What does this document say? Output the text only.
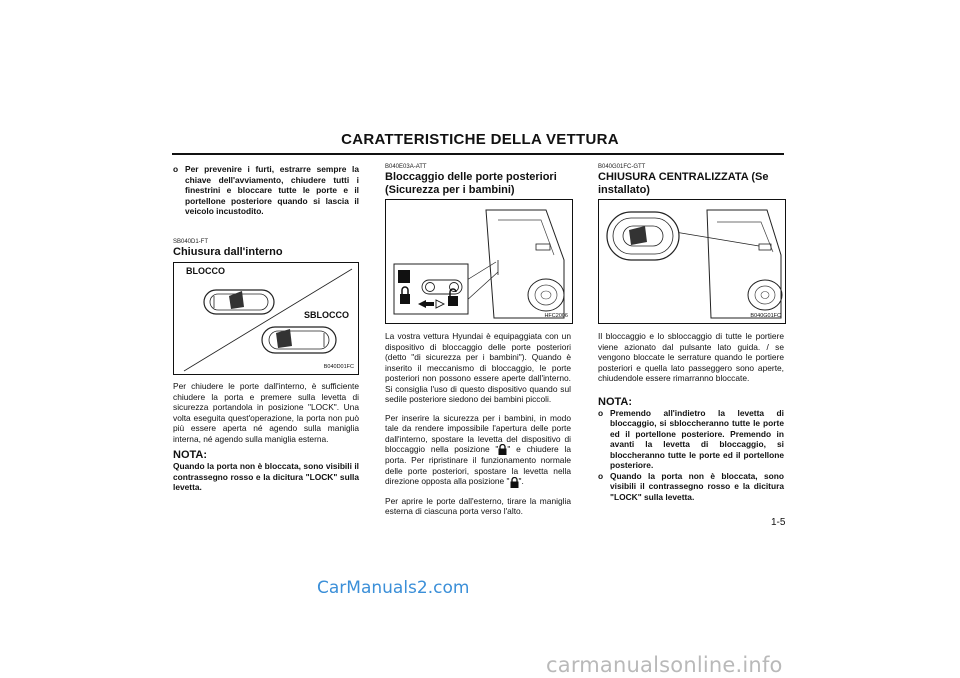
CARATTERISTICHE DELLA VETTURA
o Per prevenire i furti, estrarre sempre la chiave dell'avviamento, chiudere tutti i finestrini e bloccare tutte le porte e il portellone posteriore quando si lascia il veicolo incustodito.
SB040D1-FT
Chiusura dall'interno
BLOCCO
SBLOCCO
B040D01FC

Per chiudere le porte dall'interno, è sufficiente chiudere la porta e premere sulla levetta di sicurezza portandola in posizione "LOCK". Una volta eseguita quest'operazione, la porta non può più essere aperta né agendo sulla maniglia interna, né agendo sulla maniglia esterna.

NOTA:
Quando la porta non è bloccata, sono visibili il contrassegno rosso e la dicitura "LOCK" sulla levetta.
B040E03A-ATT
Bloccaggio delle porte posteriori (Sicurezza per i bambini)
HFC2006

La vostra vettura Hyundai è equipaggiata con un dispositivo di bloccaggio delle porte posteriori (detto "di sicurezza per i bambini"). Quando è inserito il meccanismo di bloccaggio, le porte posteriori non possono essere aperte dall'interno. Si consiglia l'uso di questo dispositivo quando sul sedile posteriore siedono dei bambini piccoli.

Per inserire la sicurezza per i bambini, in modo tale da rendere impossibile l'apertura delle porte dall'interno, spostare la levetta del dispositivo di bloccaggio nella posizione " " e chiudere la porta. Per ripristinare il funzionamento normale delle porte posteriori, spostare la levetta nella direzione opposta alla posizione " ".

Per aprire le porte dall'esterno, tirare la maniglia esterna di ciascuna porta verso l'alto.

B040G01FC-GTT
CHIUSURA CENTRALIZZATA (Se installato)
B040G01FC

Il bloccaggio e lo sbloccaggio di tutte le portiere viene azionato dal pulsante lato guida. / se vengono bloccate le serrature quando le portiere posteriori e quella lato passeggero sono aperte, chiudendole essere rimarranno bloccate.

NOTA:
o Premendo all'indietro la levetta di bloccaggio, si sbloccheranno tutte le porte ed il portellone posteriore. Premendo in avanti la levetta di bloccaggio, si bloccheranno tutte le porte ed il portellone posteriore.
o Quando la porta non è bloccata, sono visibili il contrassegno rosso e la dicitura "LOCK" sulla levetta.
1-5
CarManuals2.com
carmanualsonline.info
